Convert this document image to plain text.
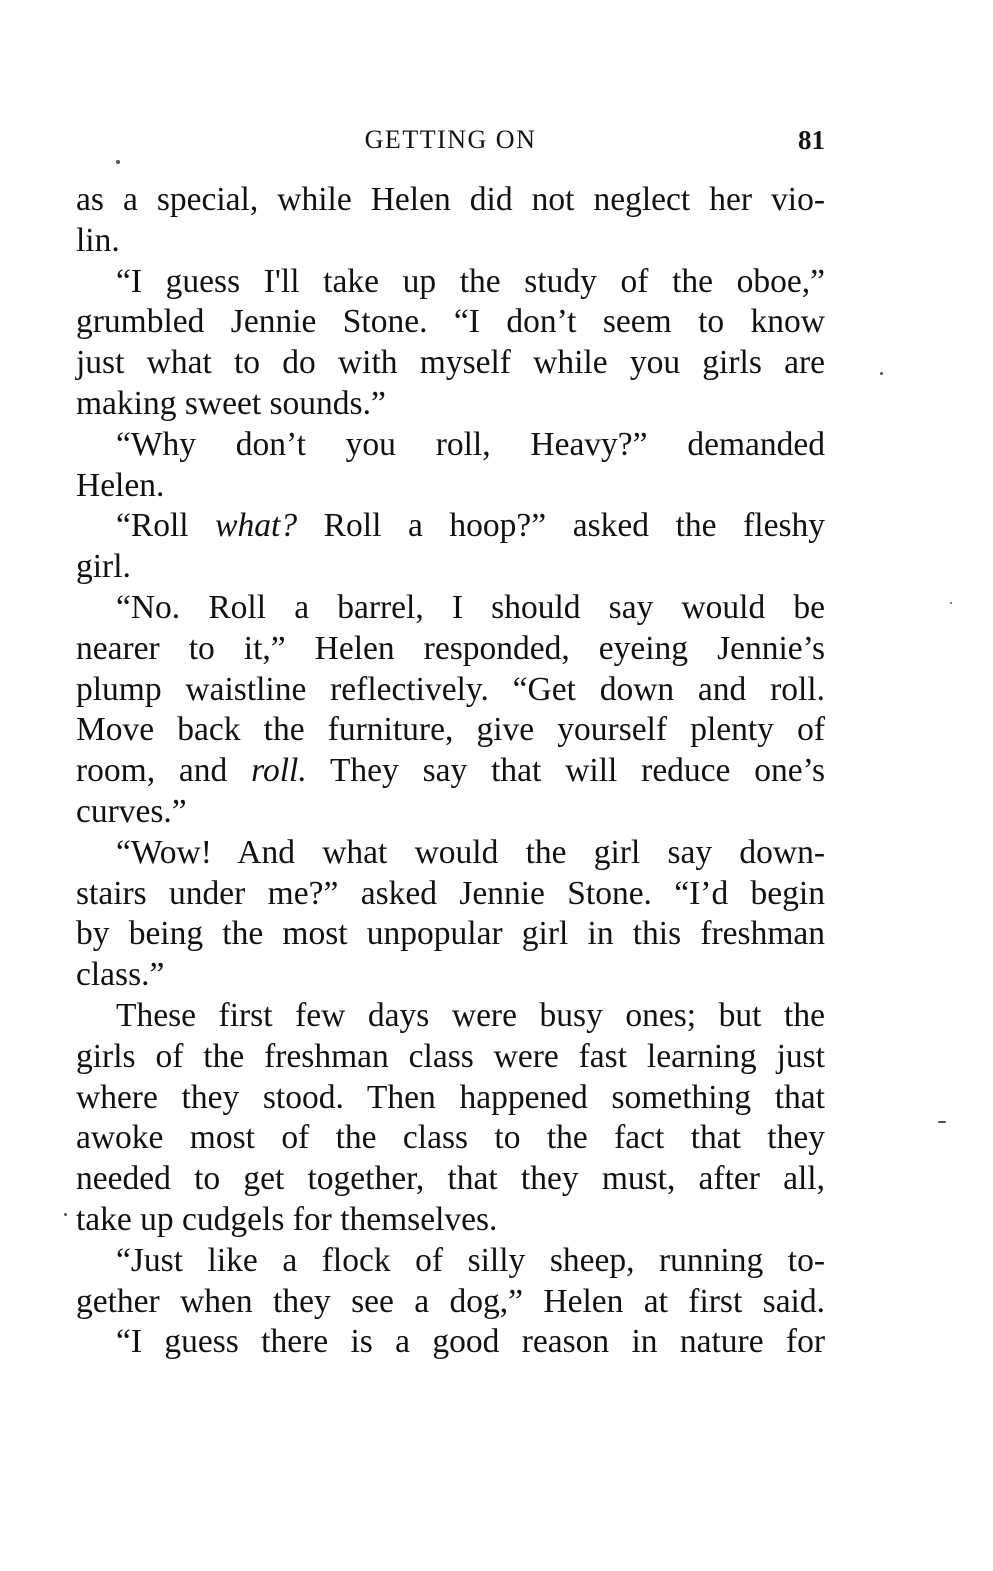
GETTING ON	81
as a special, while Helen did not neglect her vio-
lin.
“I guess I'll take up the study of the oboe,”
grumbled Jennie Stone. “I don’t seem to know
just what to do with myself while you girls are
making sweet sounds.”
“Why don’t you roll, Heavy?” demanded
Helen.
“Roll what? Roll a hoop?” asked the fleshy
girl.
“No. Roll a barrel, I should say would be
nearer to it,” Helen responded, eyeing Jennie’s
plump waistline reflectively. “Get down and roll.
Move back the furniture, give yourself plenty of
room, and roll. They say that will reduce one’s
curves.”
“Wow! And what would the girl say down-
stairs under me?” asked Jennie Stone. “I’d begin
by being the most unpopular girl in this freshman
class.”
These first few days were busy ones; but the
girls of the freshman class were fast learning just
where they stood. Then happened something that
awoke most of the class to the fact that they
needed to get together, that they must, after all,
take up cudgels for themselves.
“Just like a flock of silly sheep, running to-
gether when they see a dog,” Helen at first said.
“I guess there is a good reason in nature for
